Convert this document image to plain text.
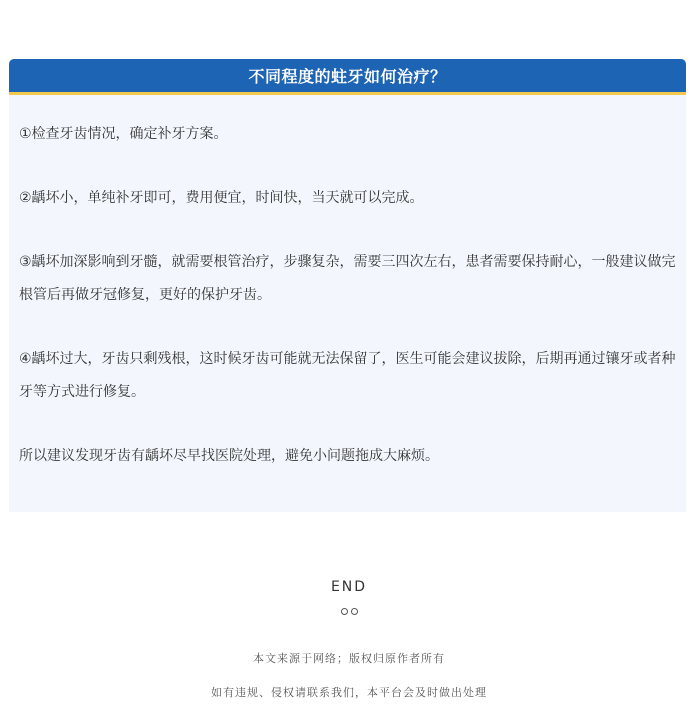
不同程度的蛀牙如何治疗？

①检查牙齿情况，确定补牙方案。

②龋坏小，单纯补牙即可，费用便宜，时间快，当天就可以完成。

③龋坏加深影响到牙髓，就需要根管治疗，步骤复杂，需要三四次左右，患者需要保持耐心，一般建议做完根管后再做牙冠修复，更好的保护牙齿。

④龋坏过大，牙齿只剩残根，这时候牙齿可能就无法保留了，医生可能会建议拔除，后期再通过镶牙或者种牙等方式进行修复。

所以建议发现牙齿有龋坏尽早找医院处理，避免小问题拖成大麻烦。

END
本文来源于网络；版权归原作者所有
如有违规、侵权请联系我们，本平台会及时做出处理
